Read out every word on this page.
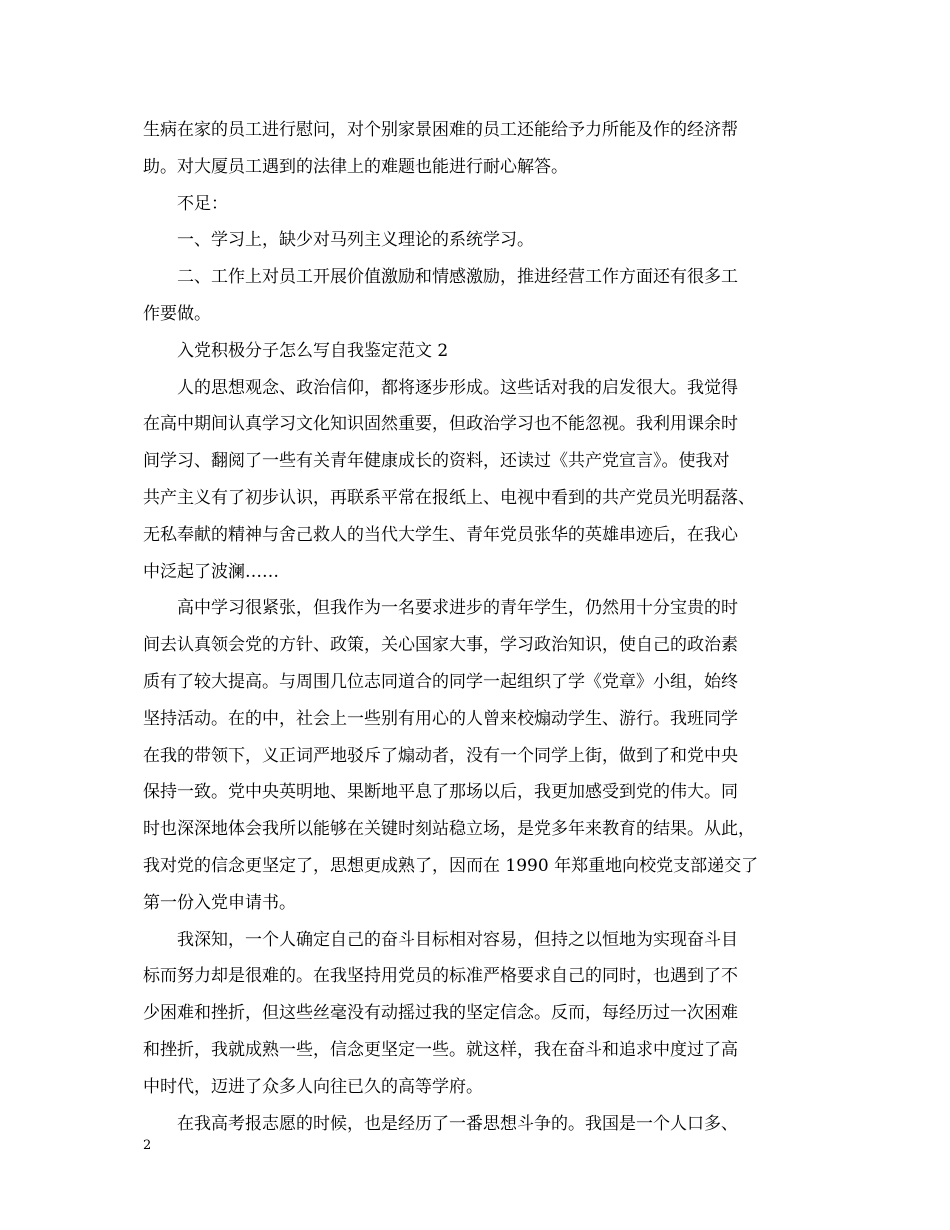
生病在家的员工进行慰问，对个别家景困难的员工还能给予力所能及作的经济帮
助。对大厦员工遇到的法律上的难题也能进行耐心解答。
不足：
一、学习上，缺少对马列主义理论的系统学习。
二、工作上对员工开展价值激励和情感激励，推进经营工作方面还有很多工
作要做。
入党积极分子怎么写自我鉴定范文 2
人的思想观念、政治信仰，都将逐步形成。这些话对我的启发很大。我觉得
在高中期间认真学习文化知识固然重要，但政治学习也不能忽视。我利用课余时
间学习、翻阅了一些有关青年健康成长的资料，还读过《共产党宣言》。使我对
共产主义有了初步认识，再联系平常在报纸上、电视中看到的共产党员光明磊落、
无私奉献的精神与舍己救人的当代大学生、青年党员张华的英雄串迹后，在我心
中泛起了波澜……
高中学习很紧张，但我作为一名要求进步的青年学生，仍然用十分宝贵的时
间去认真领会党的方针、政策，关心国家大事，学习政治知识，使自己的政治素
质有了较大提高。与周围几位志同道合的同学一起组织了学《党章》小组，始终
坚持活动。在的中，社会上一些别有用心的人曾来校煽动学生、游行。我班同学
在我的带领下，义正词严地驳斥了煽动者，没有一个同学上街，做到了和党中央
保持一致。党中央英明地、果断地平息了那场以后，我更加感受到党的伟大。同
时也深深地体会我所以能够在关键时刻站稳立场，是党多年来教育的结果。从此，
我对党的信念更坚定了，思想更成熟了，因而在 1990 年郑重地向校党支部递交了
第一份入党申请书。
我深知，一个人确定自己的奋斗目标相对容易，但持之以恒地为实现奋斗目
标而努力却是很难的。在我坚持用党员的标准严格要求自己的同时，也遇到了不
少困难和挫折，但这些丝毫没有动摇过我的坚定信念。反而，每经历过一次困难
和挫折，我就成熟一些，信念更坚定一些。就这样，我在奋斗和追求中度过了高
中时代，迈进了众多人向往已久的高等学府。
在我高考报志愿的时候，也是经历了一番思想斗争的。我国是一个人口多、
2
